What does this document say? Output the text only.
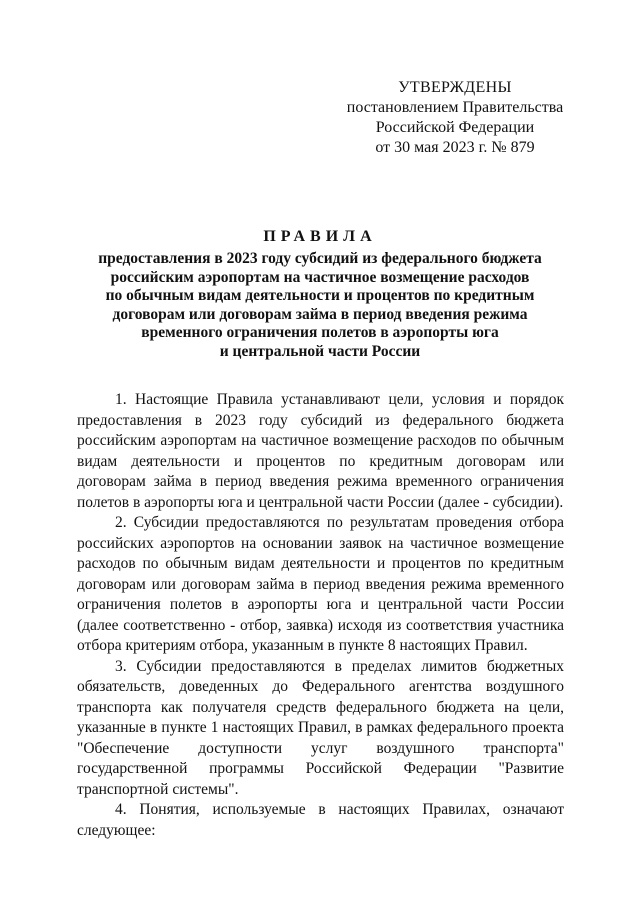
УТВЕРЖДЕНЫ
постановлением Правительства
Российской Федерации
от 30 мая 2023 г. № 879
ПРАВИЛА
предоставления в 2023 году субсидий из федерального бюджета
российским аэропортам на частичное возмещение расходов
по обычным видам деятельности и процентов по кредитным
договорам или договорам займа в период введения режима
временного ограничения полетов в аэропорты юга
и центральной части России

1. Настоящие Правила устанавливают цели, условия и порядок предоставления в 2023 году субсидий из федерального бюджета российским аэропортам на частичное возмещение расходов по обычным видам деятельности и процентов по кредитным договорам или договорам займа в период введения режима временного ограничения полетов в аэропорты юга и центральной части России (далее - субсидии).

2. Субсидии предоставляются по результатам проведения отбора российских аэропортов на основании заявок на частичное возмещение расходов по обычным видам деятельности и процентов по кредитным договорам или договорам займа в период введения режима временного ограничения полетов в аэропорты юга и центральной части России (далее соответственно - отбор, заявка) исходя из соответствия участника отбора критериям отбора, указанным в пункте 8 настоящих Правил.

3. Субсидии предоставляются в пределах лимитов бюджетных обязательств, доведенных до Федерального агентства воздушного транспорта как получателя средств федерального бюджета на цели, указанные в пункте 1 настоящих Правил, в рамках федерального проекта "Обеспечение доступности услуг воздушного транспорта" государственной программы Российской Федерации "Развитие транспортной системы".

4. Понятия, используемые в настоящих Правилах, означают следующее:
